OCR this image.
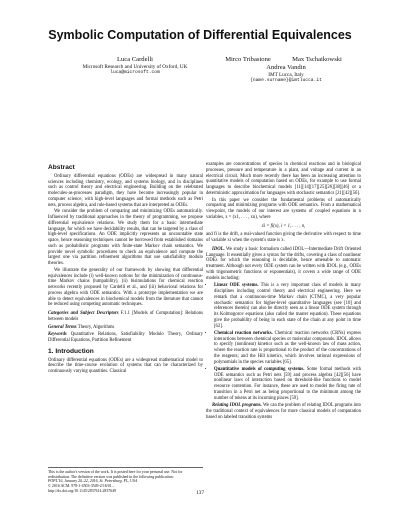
Symbolic Computation of Differential Equivalences
Luca Cardelli
Microsoft Research and University of Oxford, UK
luca@microsoft.com
Mirco Tribastone	Max Tschaikowski
Andrea Vandin
IMT Lucca, Italy
{name.surname}@imtlucca.it
Abstract

Ordinary differential equations (ODEs) are widespread in many natural sciences including chemistry, ecology, and systems biology, and in disciplines such as control theory and electrical engineering. Building on the celebrated molecules-as-processes paradigm, they have become increasingly popular in computer science, with high-level languages and formal methods such as Petri nets, process algebra, and rule-based systems that are interpreted as ODEs.

We consider the problem of comparing and minimizing ODEs automatically. Influenced by traditional approaches in the theory of programming, we propose differential equivalence relations. We study them for a basic intermediate language, for which we have decidability results, that can be targeted by a class of high-level specifications. An ODE implicitly represents an uncountable state space, hence reasoning techniques cannot be borrowed from established domains such as probabilistic programs with finite-state Markov chain semantics. We provide novel symbolic procedures to check an equivalence and compute the largest one via partition refinement algorithms that use satisfiability modulo theories.

We illustrate the generality of our framework by showing that differential equivalences include (i) well-known notions for the minimization of continuous-time Markov chains (lumpability), (ii) bisimulations for chemical reaction networks recently proposed by Cardelli et al., and (iii) behavioral relations for process algebra with ODE semantics. With a prototype implementation we are able to detect equivalences in biochemical models from the literature that cannot be reduced using competing automatic techniques.

Categories and Subject Descriptors F.1.1 [Models of Computation]: Relations between models

General Terms Theory, Algorithms

Keywords Quantitative Relations, Satisfiability Modulo Theory, Ordinary Differential Equations, Partition Refinement

1. Introduction

Ordinary differential equations (ODEs) are a widespread mathematical model to describe the time-course evolution of systems that can be characterized by continuously varying quantities. Classical

This is the author's version of the work. It is posted here for your personal use. Not for redistribution. The definitive version was published in the following publication:
POPL'16, January 20–22, 2016, St. Petersburg, FL, USA
© 2016 ACM. 978-1-4503-3549-2/16/01...
http://dx.doi.org/10.1145/2837614.2837649

examples are concentrations of species in chemical reactions and in biological processes, pressure and temperature in a plant, and voltage and current in an electrical circuit. Much more recently there has been an increasing attention to quantitative models of computation based on ODEs, for example to use formal languages to describe biochemical models [11][14][17][25][26][38][46] or a deterministic approximation for languages with stochastic semantics [21][42][56].

In this paper we consider the fundamental problems of automatically comparing and minimizing programs with ODE semantics. From a mathematical viewpoint, the models of our interest are systems of coupled equations in n variables, x = (x1, . . . , xn), where

ẋi = fi(x), i = 1, . . . , n,

and fi is the drift, a real-valued function giving the derivative with respect to time of variable xi when the system's state is x.

IDOL. We study a basic formalism called IDOL—Intermediate Drift Oriented Language. It essentially gives a syntax for the drifts, covering a class of nonlinear ODEs for which the reasoning is decidable, hence amenable to automatic treatment. Although not every ODE system can be written with IDOL (e.g., ODEs with trigonometric functions or exponentials), it covers a wide range of ODE models including:

• Linear ODE systems. This is a very important class of models in many disciplines including control theory and electrical engineering. Here we remark that a continuous-time Markov chain (CTMC), a very popular stochastic semantics for higher-level quantitative languages (see [10] and references therein) can also be directly seen as a linear ODE system through its Kolmogorov equations (also called the master equation). These equations give the probability of being in each state of the chain at any point in time [62].
• Chemical reaction networks. Chemical reaction networks (CRNs) express interactions between chemical species or molecular compounds. IDOL allows to specify (nonlinear) kinetics such as the well-known law of mass action, where the reaction rate is proportional to the product of the concentrations of the reagents; and the Hill kinetics, which involves rational expressions of polynomials in the species variables [65].
• Quantitative models of computing systems. Some formal methods with ODE semantics such as Petri nets [59] and process algebra [42][56] have nonlinear laws of interaction based on threshold-like functions to model resource contention. For instance, these are used to model the firing rate of transition in a Petri net as being proportional to the minimum among the number of tokens at its incoming places [59].

Relating IDOL programs. We can the problem of relating IDOL programs into the traditional context of equivalences for more classical models of computation based on labeled transition systems

137
